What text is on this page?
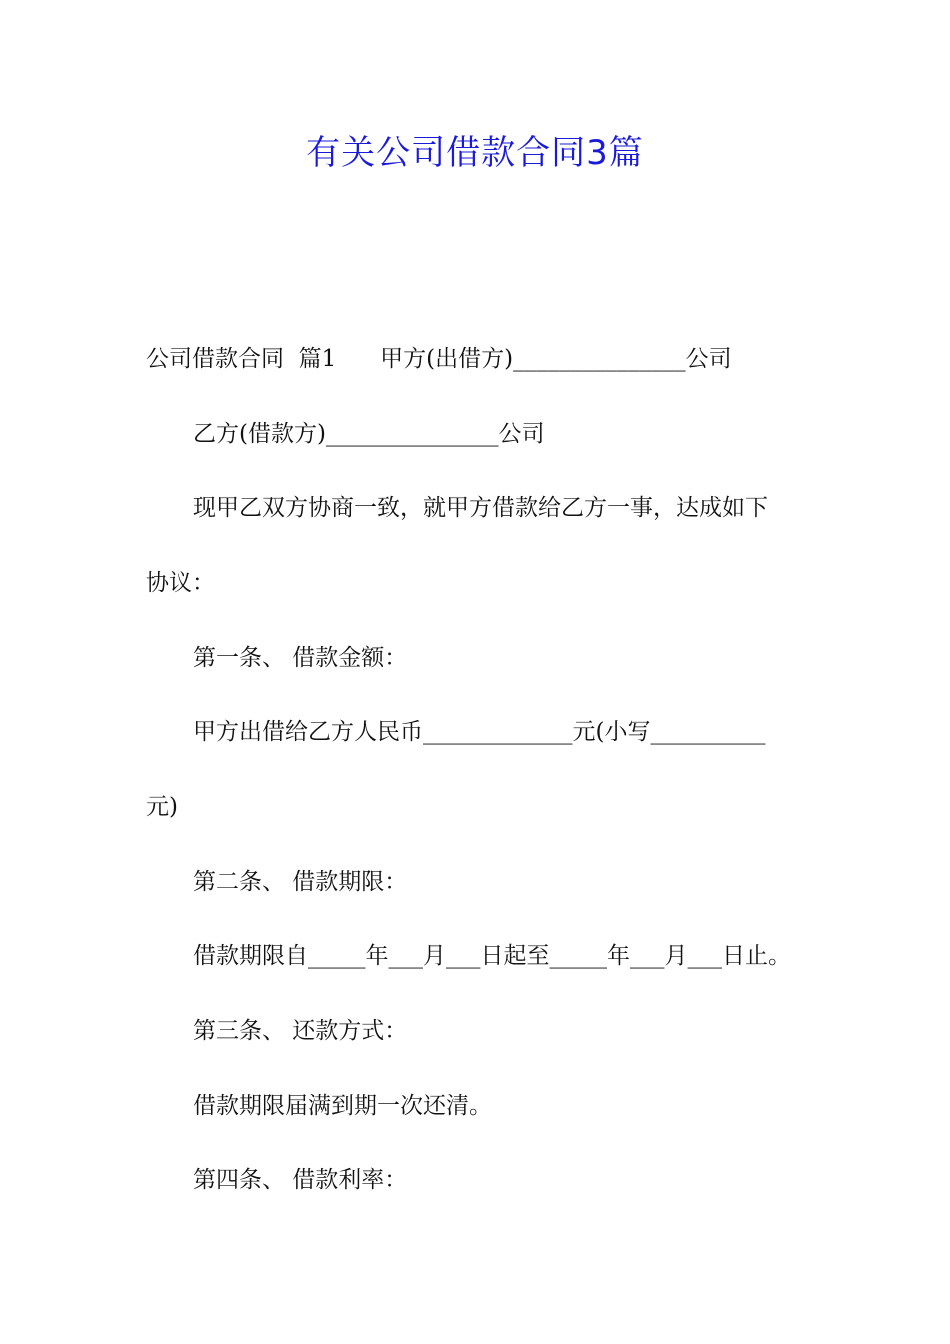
有关公司借款合同3篇

公司借款合同  篇1      甲方(出借方)_______________公司

乙方(借款方)_______________公司

现甲乙双方协商一致，就甲方借款给乙方一事，达成如下

协议：

第一条、 借款金额：

甲方出借给乙方人民币_____________元(小写__________

元)

第二条、 借款期限：

借款期限自_____年___月___日起至_____年___月___日止。

第三条、 还款方式：

借款期限届满到期一次还清。

第四条、 借款利率：
